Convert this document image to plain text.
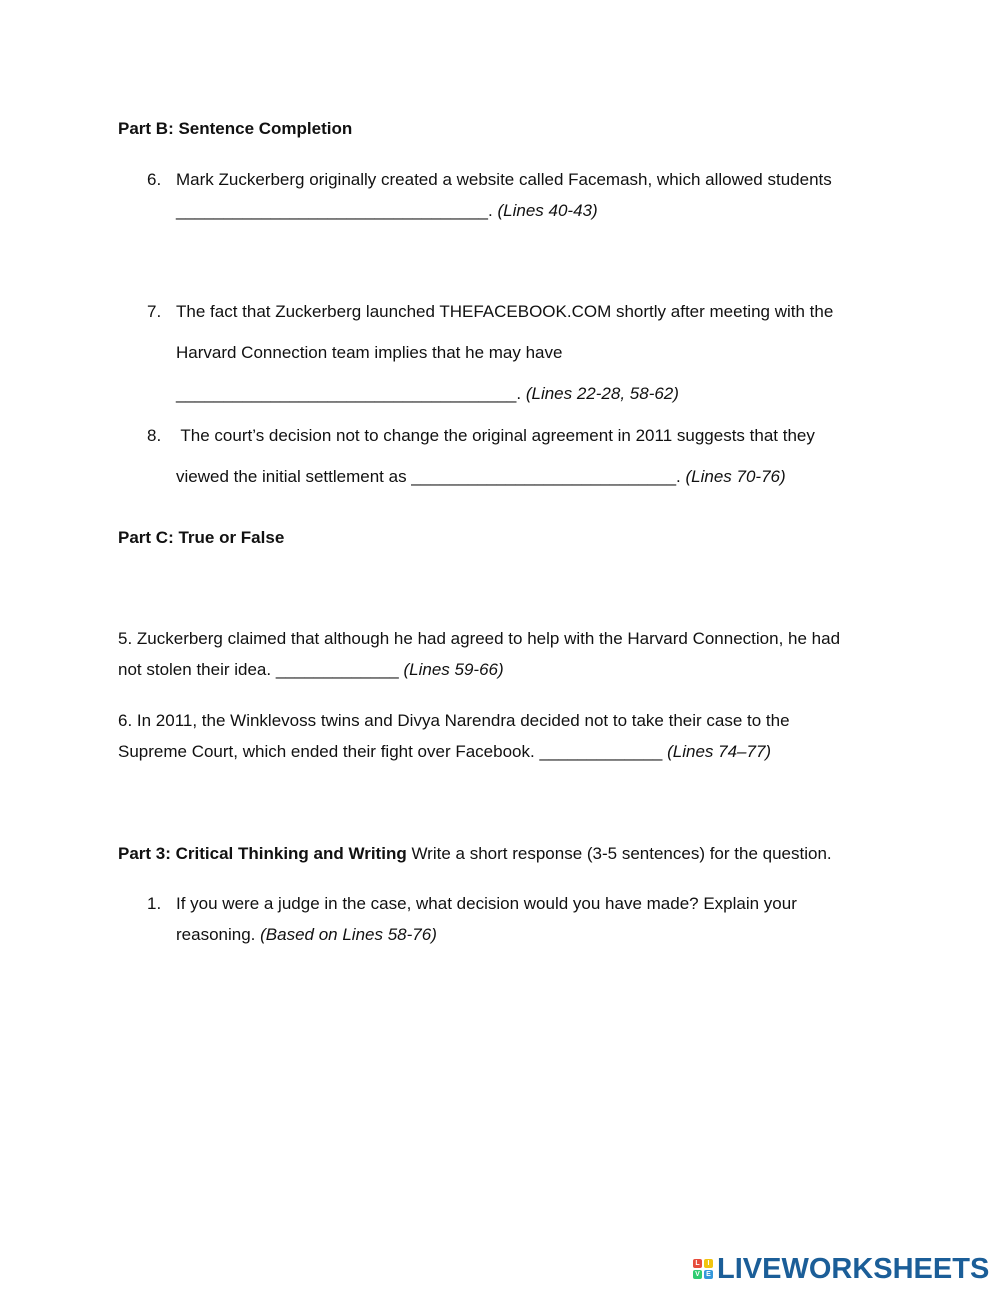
Part B: Sentence Completion
6. Mark Zuckerberg originally created a website called Facemash, which allowed students
_________________________________. (Lines 40-43)
7. The fact that Zuckerberg launched THEFACEBOOK.COM shortly after meeting with the
Harvard Connection team implies that he may have
____________________________________. (Lines 22-28, 58-62)
8. The court’s decision not to change the original agreement in 2011 suggests that they
viewed the initial settlement as ____________________________. (Lines 70-76)
Part C: True or False
5. Zuckerberg claimed that although he had agreed to help with the Harvard Connection, he had
not stolen their idea. _____________ (Lines 59-66)
6. In 2011, the Winklevoss twins and Divya Narendra decided not to take their case to the
Supreme Court, which ended their fight over Facebook. _____________ (Lines 74–77)
Part 3: Critical Thinking and Writing Write a short response (3-5 sentences) for the question.
1. If you were a judge in the case, what decision would you have made? Explain your
reasoning. (Based on Lines 58-76)
L	I
V E LIVEWORKSHEETS
